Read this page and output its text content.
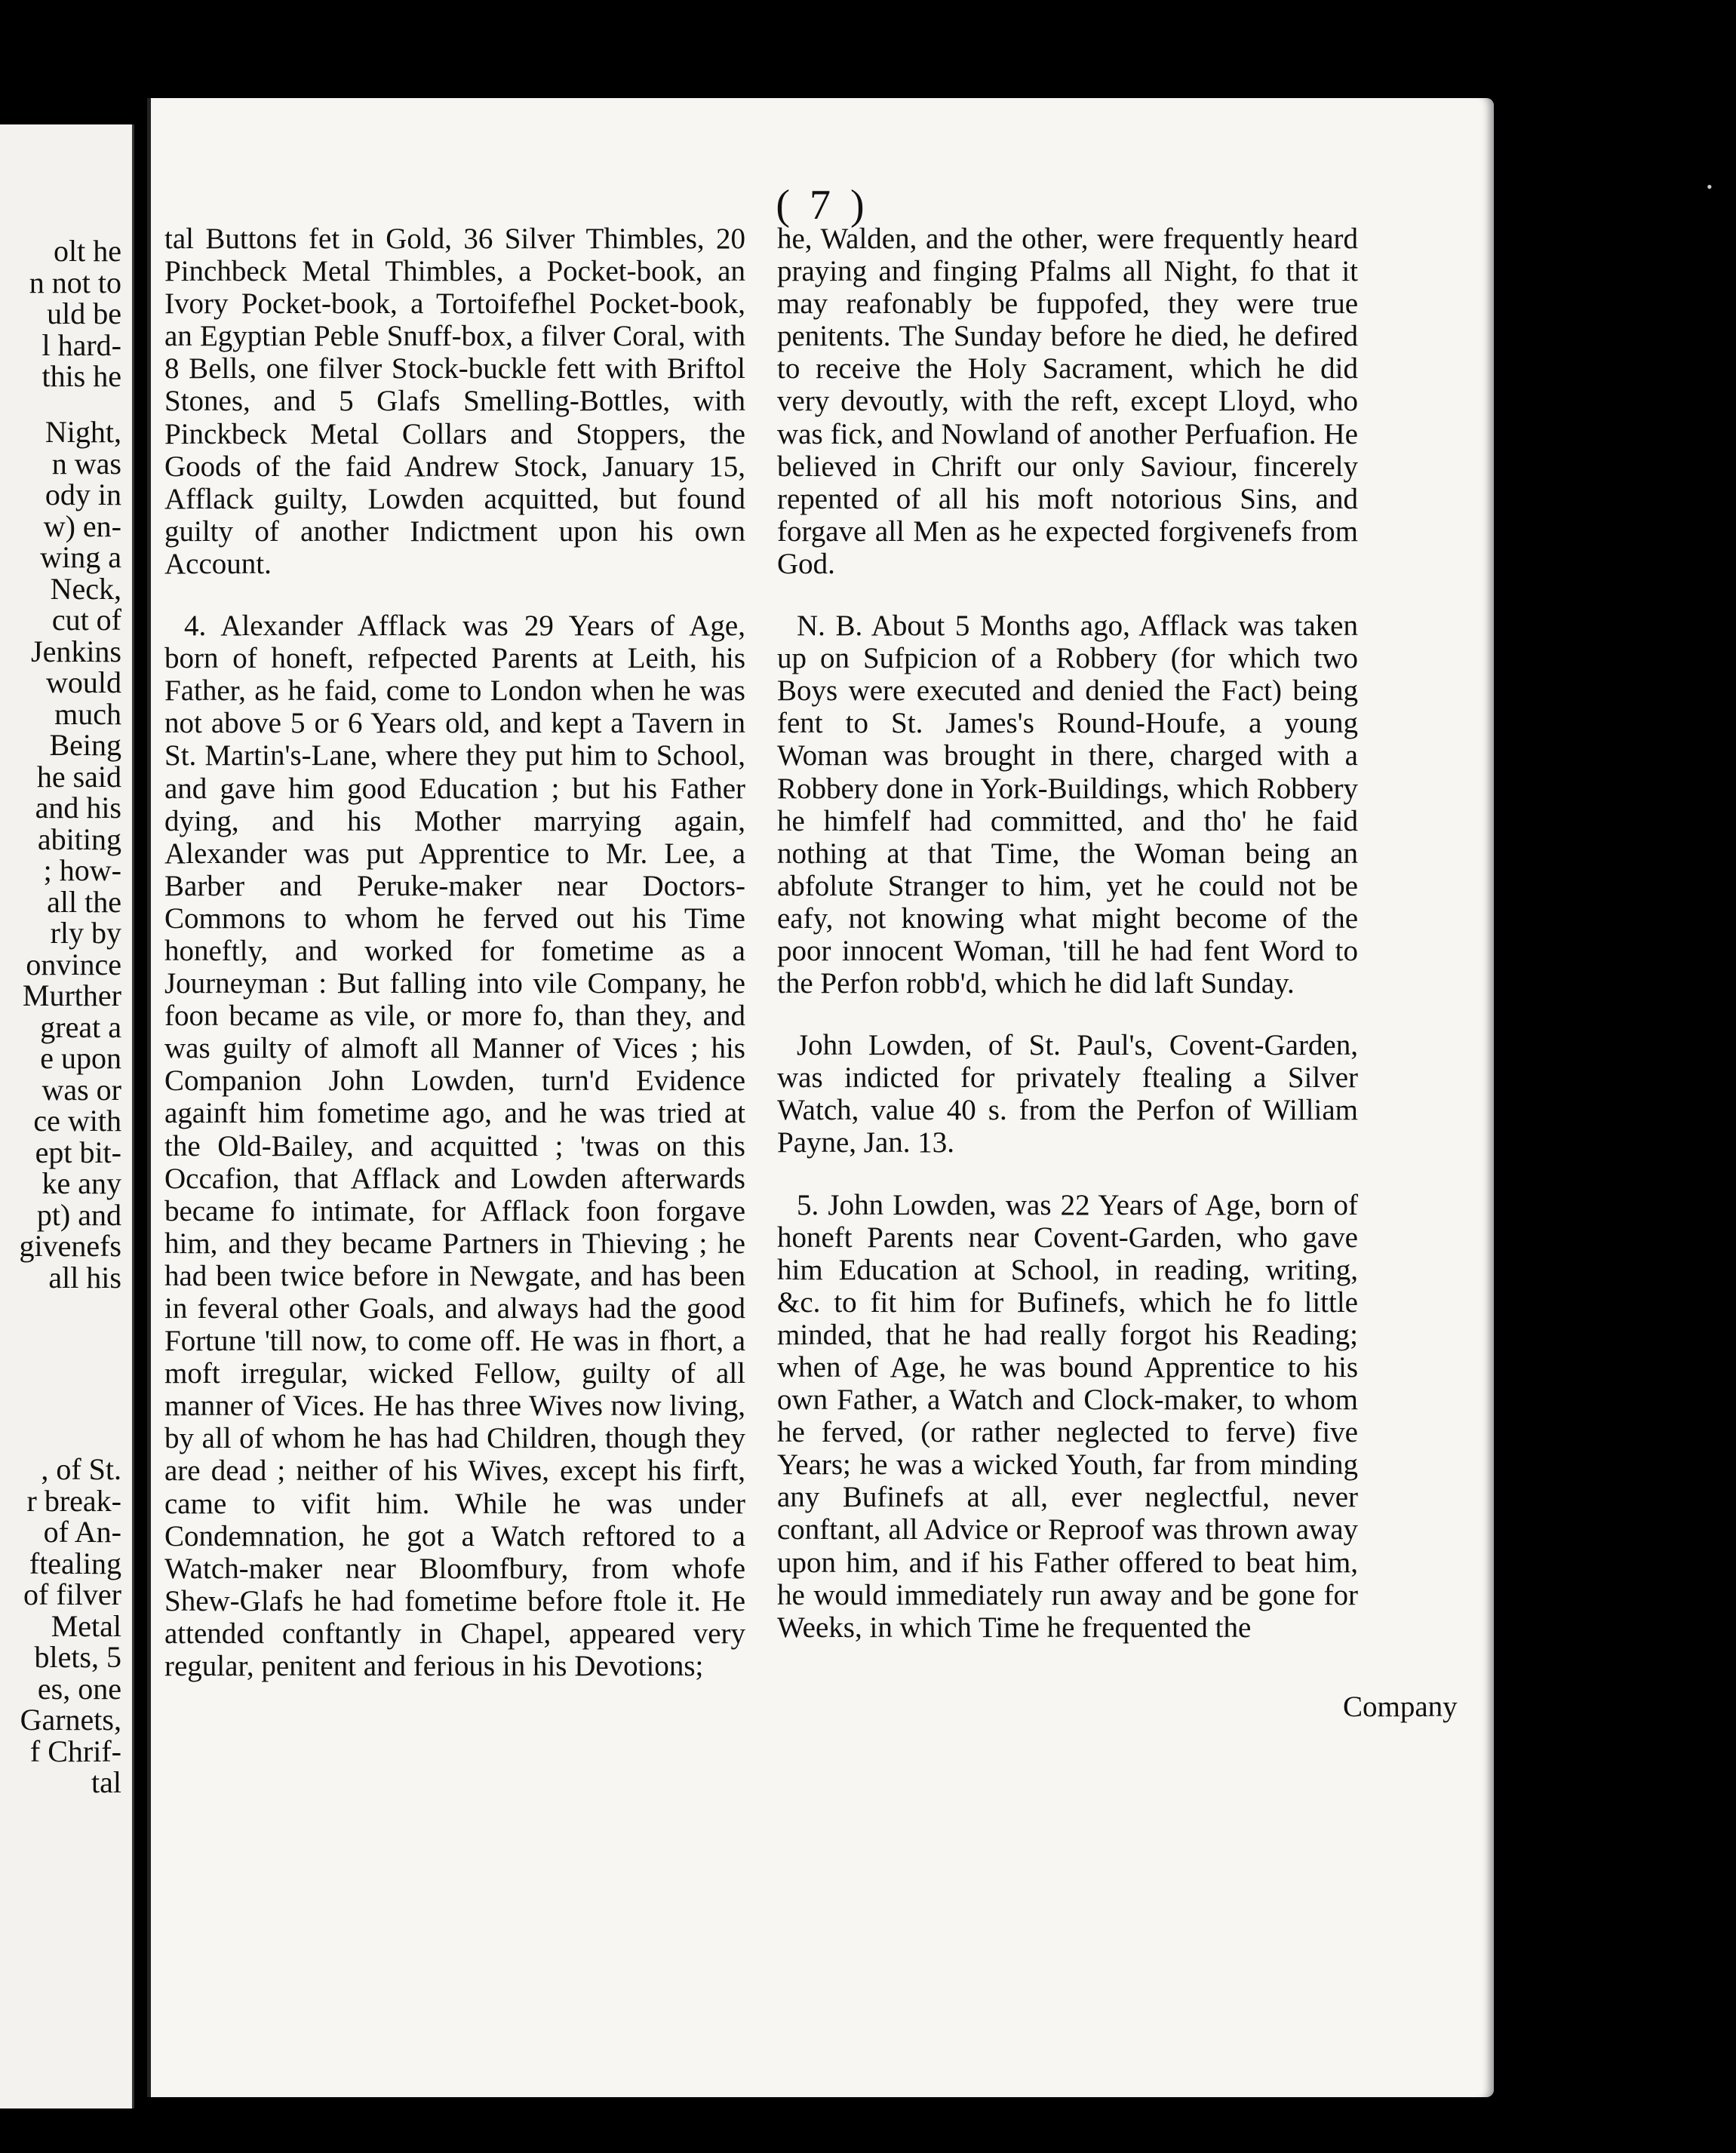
olt he
n not to
uld be
l hard-
this he
Night,
n was
ody in
w) en-
wing a
Neck,
cut of
Jenkins
would
much
Being
he said
and his
abiting
; how-
all the
rly by
onvince
Murther
great a
e upon
was or
ce with
ept bit-
ke any
pt) and
givenefs
all his
, of St.
r break-
of An-
ftealing
of filver
Metal
blets, 5
es, one
Garnets,
f Chrif-
tal
( 7 )

tal Buttons fet in Gold, 36 Silver Thimbles, 20 Pinchbeck Metal Thimbles, a Pocket-book, an Ivory Pocket-book, a Tortoifefhel Pocket-book, an Egyptian Peble Snuff-box, a filver Coral, with 8 Bells, one filver Stock-buckle fett with Briftol Stones, and 5 Glafs Smelling-Bottles, with Pinckbeck Metal Collars and Stoppers, the Goods of the faid Andrew Stock, January 15, Afflack guilty, Lowden acquitted, but found guilty of another Indictment upon his own Account.

4. Alexander Afflack was 29 Years of Age, born of honeft, refpected Parents at Leith, his Father, as he faid, come to London when he was not above 5 or 6 Years old, and kept a Tavern in St. Martin's-Lane, where they put him to School, and gave him good Education ; but his Father dying, and his Mother marrying again, Alexander was put Apprentice to Mr. Lee, a Barber and Peruke-maker near Doctors-Commons to whom he ferved out his Time honeftly, and worked for fometime as a Journeyman : But falling into vile Company, he foon became as vile, or more fo, than they, and was guilty of almoft all Manner of Vices ; his Companion John Lowden, turn'd Evidence againft him fometime ago, and he was tried at the Old-Bailey, and acquitted ; 'twas on this Occafion, that Afflack and Lowden afterwards became fo intimate, for Afflack foon forgave him, and they became Partners in Thieving ; he had been twice before in Newgate, and has been in feveral other Goals, and always had the good Fortune 'till now, to come off. He was in fhort, a moft irregular, wicked Fellow, guilty of all manner of Vices. He has three Wives now living, by all of whom he has had Children, though they are dead ; neither of his Wives, except his firft, came to vifit him. While he was under Condemnation, he got a Watch reftored to a Watch-maker near Bloomfbury, from whofe Shew-Glafs he had fometime before ftole it. He attended conftantly in Chapel, appeared very regular, penitent and ferious in his Devotions;

he, Walden, and the other, were frequently heard praying and finging Pfalms all Night, fo that it may reafonably be fuppofed, they were true penitents. The Sunday before he died, he defired to receive the Holy Sacrament, which he did very devoutly, with the reft, except Lloyd, who was fick, and Nowland of another Perfuafion. He believed in Chrift our only Saviour, fincerely repented of all his moft notorious Sins, and forgave all Men as he expected forgivenefs from God.

N. B. About 5 Months ago, Afflack was taken up on Sufpicion of a Robbery (for which two Boys were executed and denied the Fact) being fent to St. James's Round-Houfe, a young Woman was brought in there, charged with a Robbery done in York-Buildings, which Robbery he himfelf had committed, and tho' he faid nothing at that Time, the Woman being an abfolute Stranger to him, yet he could not be eafy, not knowing what might become of the poor innocent Woman, 'till he had fent Word to the Perfon robb'd, which he did laft Sunday.

John Lowden, of St. Paul's, Covent-Garden, was indicted for privately ftealing a Silver Watch, value 40 s. from the Perfon of William Payne, Jan. 13.

5. John Lowden, was 22 Years of Age, born of honeft Parents near Covent-Garden, who gave him Education at School, in reading, writing, &c. to fit him for Bufinefs, which he fo little minded, that he had really forgot his Reading; when of Age, he was bound Apprentice to his own Father, a Watch and Clock-maker, to whom he ferved, (or rather neglected to ferve) five Years; he was a wicked Youth, far from minding any Bufinefs at all, ever neglectful, never conftant, all Advice or Reproof was thrown away upon him, and if his Father offered to beat him, he would immediately run away and be gone for Weeks, in which Time he frequented the

Company
•
